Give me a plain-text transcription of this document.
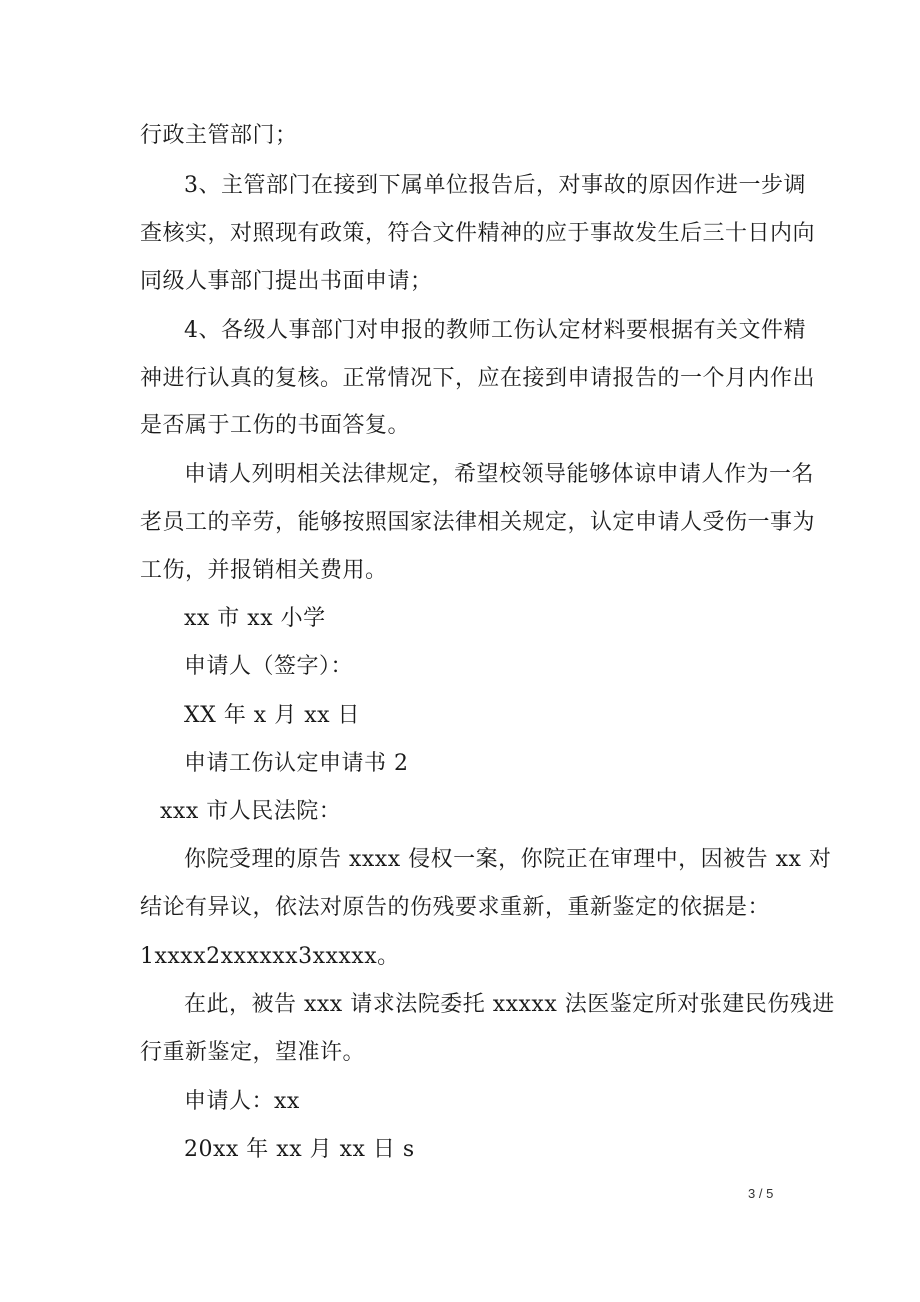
行政主管部门；
3、主管部门在接到下属单位报告后，对事故的原因作进一步调
查核实，对照现有政策，符合文件精神的应于事故发生后三十日内向
同级人事部门提出书面申请；
4、各级人事部门对申报的教师工伤认定材料要根据有关文件精
神进行认真的复核。正常情况下，应在接到申请报告的一个月内作出
是否属于工伤的书面答复。
申请人列明相关法律规定，希望校领导能够体谅申请人作为一名
老员工的辛劳，能够按照国家法律相关规定，认定申请人受伤一事为
工伤，并报销相关费用。
xx 市 xx 小学
申请人（签字）：
XX 年 x 月 xx 日
申请工伤认定申请书 2
xxx 市人民法院：
你院受理的原告 xxxx 侵权一案，你院正在审理中，因被告 xx 对
结论有异议，依法对原告的伤残要求重新，重新鉴定的依据是：
1xxxx2xxxxxx3xxxxx。
在此，被告 xxx 请求法院委托 xxxxx 法医鉴定所对张建民伤残进
行重新鉴定，望准许。
申请人：xx
20xx 年 xx 月 xx 日 s
3 / 5
